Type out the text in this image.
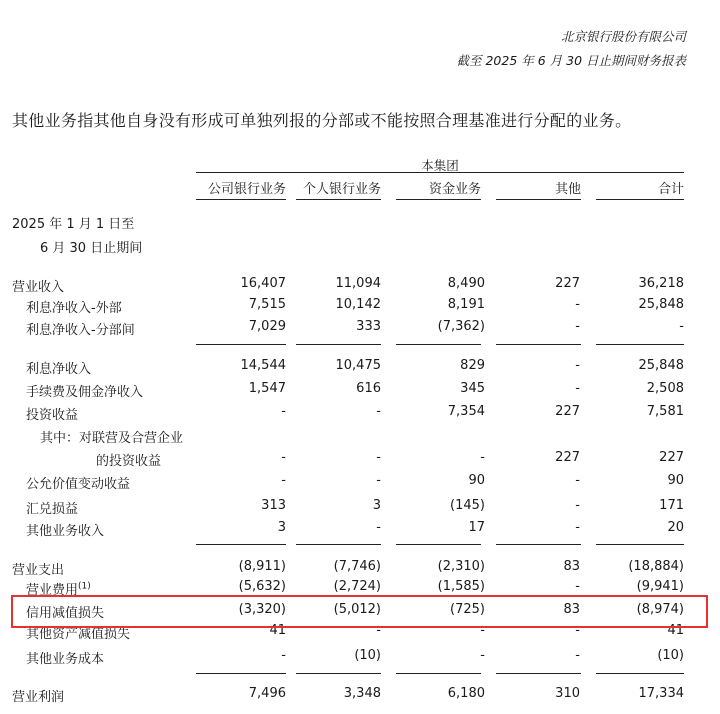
北京银行股份有限公司
截至 2025 年 6 月 30 日止期间财务报表
其他业务指其他自身没有形成可单独列报的分部或不能按照合理基准进行分配的业务。
本集团
公司银行业务	个人银行业务	资金业务	其他	合计
2025 年 1 月 1 日至
6 月 30 日止期间
营业收入	16,407	11,094	8,490	227	36,218
利息净收入-外部	7,515	10,142	8,191	-	25,848
利息净收入-分部间	7,029	333	(7,362)	-	-
利息净收入	14,544	10,475	829	-	25,848
手续费及佣金净收入	1,547	616	345	-	2,508
投资收益	-	-	7,354	227	7,581
其中：对联营及合营企业
的投资收益	-	-	-	227	227
公允价值变动收益	-	-	90	-	90
汇兑损益	313	3	(145)	-	171
其他业务收入	3	-	17	-	20
营业支出	(8,911)	(7,746)	(2,310)	83	(18,884)
营业费用$^{(1)}$	(5,632)	(2,724)	(1,585)	-	(9,941)
信用减值损失	(3,320)	(5,012)	(725)	83	(8,974)
其他资产减值损失	41	-	-	-	41
其他业务成本	-	(10)	-	-	(10)
营业利润	7,496	3,348	6,180	310	17,334
